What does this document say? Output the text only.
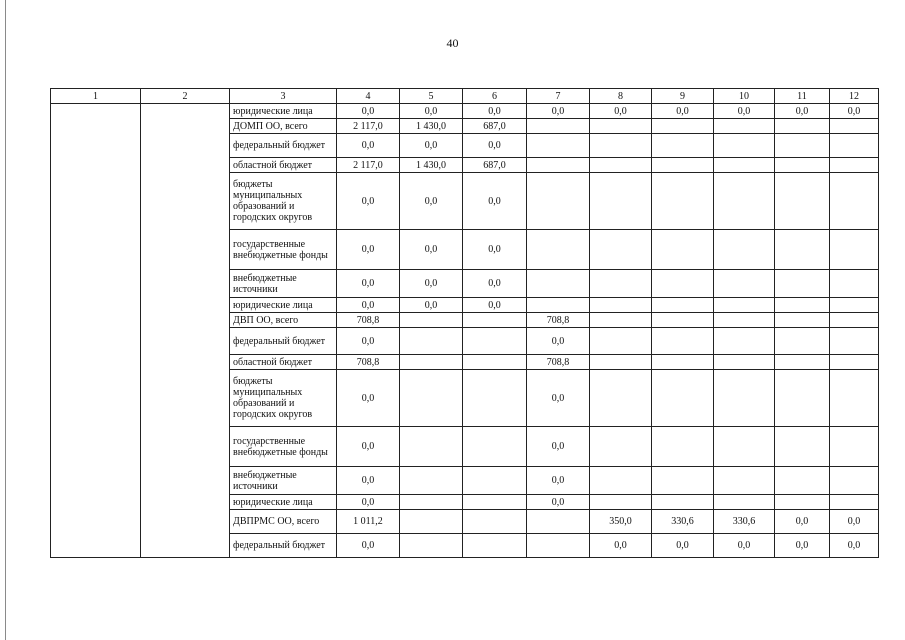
40
1	2	3	4	5	6	7	8	9	10	11	12
		юридические лица	0,0	0,0	0,0	0,0	0,0	0,0	0,0	0,0	0,0
		ДОМП ОО, всего	2 117,0	1 430,0	687,0						
		федеральный бюджет	0,0	0,0	0,0						
		областной бюджет	2 117,0	1 430,0	687,0						
		бюджеты муниципальных образований и городских округов	0,0	0,0	0,0						
		государственные внебюджетные фонды	0,0	0,0	0,0						
		внебюджетные источники	0,0	0,0	0,0						
		юридические лица	0,0	0,0	0,0						
		ДВП ОО, всего	708,8			708,8					
		федеральный бюджет	0,0			0,0					
		областной бюджет	708,8			708,8					
		бюджеты муниципальных образований и городских округов	0,0			0,0					
		государственные внебюджетные фонды	0,0			0,0					
		внебюджетные источники	0,0			0,0					
		юридические лица	0,0			0,0					
		ДВПРМС ОО, всего	1 011,2				350,0	330,6	330,6	0,0	0,0
		федеральный бюджет	0,0				0,0	0,0	0,0	0,0	0,0
